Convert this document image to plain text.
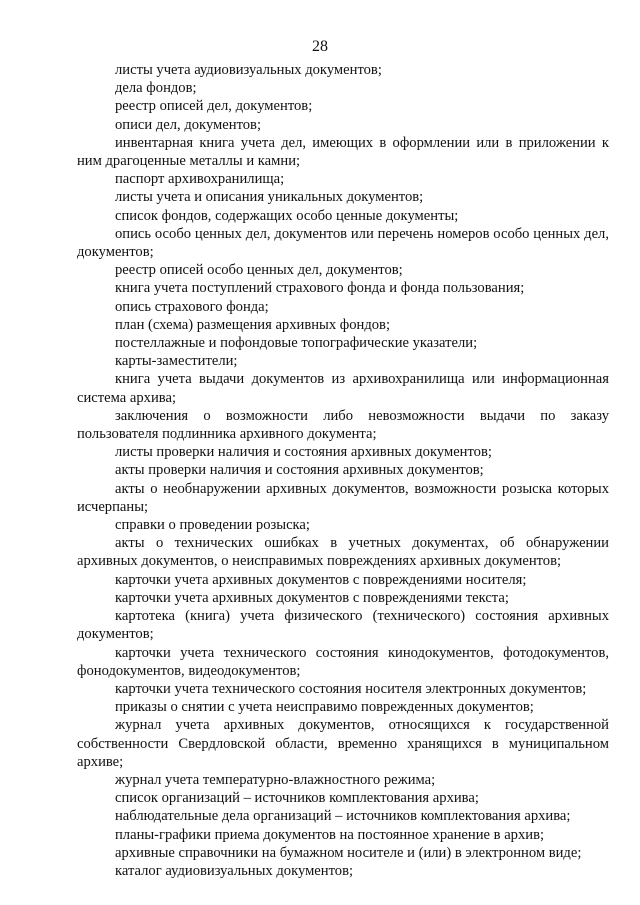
28

листы учета аудиовизуальных документов;

дела фондов;

реестр описей дел, документов;

описи дел, документов;

инвентарная книга учета дел, имеющих в оформлении или в приложении к ним драгоценные металлы и камни;

паспорт архивохранилища;

листы учета и описания уникальных документов;

список фондов, содержащих особо ценные документы;

опись особо ценных дел, документов или перечень номеров особо ценных дел, документов;

реестр описей особо ценных дел, документов;

книга учета поступлений страхового фонда и фонда пользования;

опись страхового фонда;

план (схема) размещения архивных фондов;

постеллажные и пофондовые топографические указатели;

карты-заместители;

книга учета выдачи документов из архивохранилища или информационная система архива;

заключения о возможности либо невозможности выдачи по заказу пользователя подлинника архивного документа;

листы проверки наличия и состояния архивных документов;

акты проверки наличия и состояния архивных документов;

акты о необнаружении архивных документов, возможности розыска которых исчерпаны;

справки о проведении розыска;

акты о технических ошибках в учетных документах, об обнаружении архивных документов, о неисправимых повреждениях архивных документов;

карточки учета архивных документов с повреждениями носителя;

карточки учета архивных документов с повреждениями текста;

картотека (книга) учета физического (технического) состояния архивных документов;

карточки учета технического состояния кинодокументов, фотодокументов, фонодокументов, видеодокументов;

карточки учета технического состояния носителя электронных документов;

приказы о снятии с учета неисправимо поврежденных документов;

журнал учета архивных документов, относящихся к государственной собственности Свердловской области, временно хранящихся в муниципальном архиве;

журнал учета температурно-влажностного режима;

список организаций – источников комплектования архива;

наблюдательные дела организаций – источников комплектования архива;

планы-графики приема документов на постоянное хранение в архив;

архивные справочники на бумажном носителе и (или) в электронном виде;

каталог аудиовизуальных документов;
